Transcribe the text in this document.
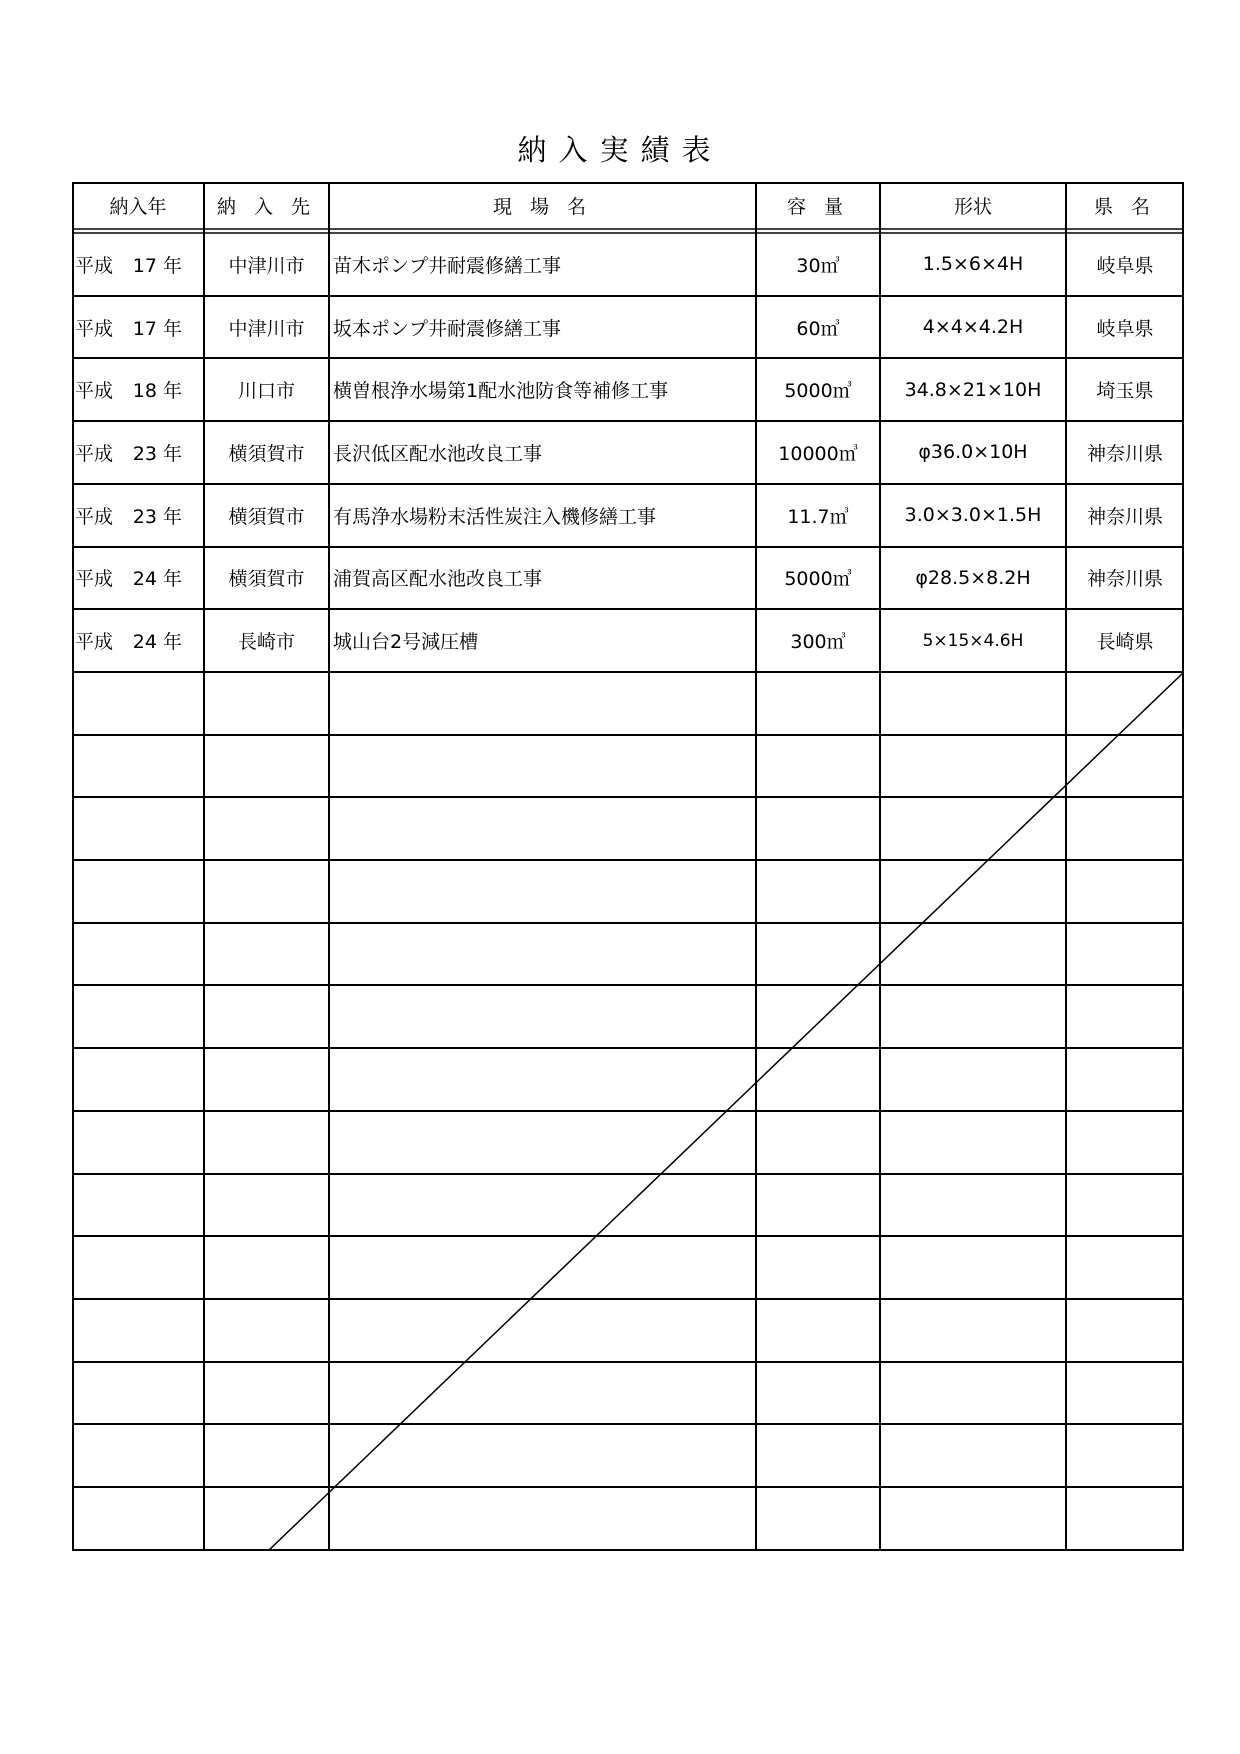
納入実績表
納入年	納 入 先	現 場 名	容 量	形状	県 名
平成 17 年	中津川市	苗木ポンプ井耐震修繕工事	30㎥	1.5×6×4H	岐阜県
平成 17 年	中津川市	坂本ポンプ井耐震修繕工事	60㎥	4×4×4.2H	岐阜県
平成 18 年	川口市	横曽根浄水場第1配水池防食等補修工事	5000㎥	34.8×21×10H	埼玉県
平成 23 年	横須賀市	長沢低区配水池改良工事	10000㎥	φ36.0×10H	神奈川県
平成 23 年	横須賀市	有馬浄水場粉末活性炭注入機修繕工事	11.7㎥	3.0×3.0×1.5H	神奈川県
平成 24 年	横須賀市	浦賀高区配水池改良工事	5000㎥	φ28.5×8.2H	神奈川県
平成 24 年	長崎市	城山台2号減圧槽	300㎥	5×15×4.6H	長崎県
